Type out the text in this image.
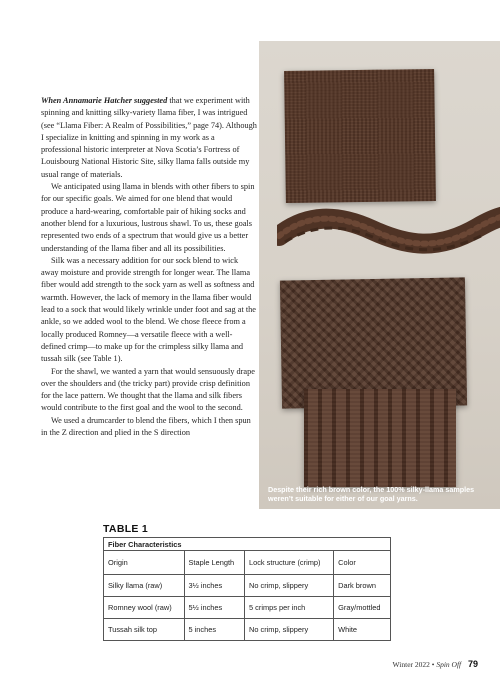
When Annamarie Hatcher suggested that we experiment with spinning and knitting silky-variety llama fiber, I was intrigued (see “Llama Fiber: A Realm of Possibilities,” page 74). Although I specialize in knitting and spinning in my work as a professional historic interpreter at Nova Scotia’s Fortress of Louisbourg National Historic Site, silky llama falls outside my usual range of materials.

We anticipated using llama in blends with other fibers to spin for our specific goals. We aimed for one blend that would produce a hard-wearing, comfortable pair of hiking socks and another blend for a luxurious, lustrous shawl. To us, these goals represented two ends of a spectrum that would give us a better understanding of the llama fiber and all its possibilities.

Silk was a necessary addition for our sock blend to wick away moisture and provide strength for longer wear. The llama fiber would add strength to the sock yarn as well as softness and warmth. However, the lack of memory in the llama fiber would lead to a sock that would likely wrinkle under foot and sag at the ankle, so we added wool to the blend. We chose fleece from a locally produced Romney—a versatile fleece with a well-defined crimp—to make up for the crimpless silky llama and tussah silk (see Table 1).

For the shawl, we wanted a yarn that would sensuously drape over the shoulders and (the tricky part) provide crisp definition for the lace pattern. We thought that the llama and silk fibers would contribute to the first goal and the wool to the second.

We used a drumcarder to blend the fibers, which I then spun in the Z direction and plied in the S direction

Despite their rich brown color, the 100% silky-llama samples weren’t suitable for either of our goal yarns.
TABLE 1
Fiber Characteristics			
Origin	Staple Length	Lock structure (crimp)	Color
Silky llama (raw)	3½ inches	No crimp, slippery	Dark brown
Romney wool (raw)	5½ inches	5 crimps per inch	Gray/mottled
Tussah silk top	5 inches	No crimp, slippery	White
Winter 2022 • Spin Off 79
